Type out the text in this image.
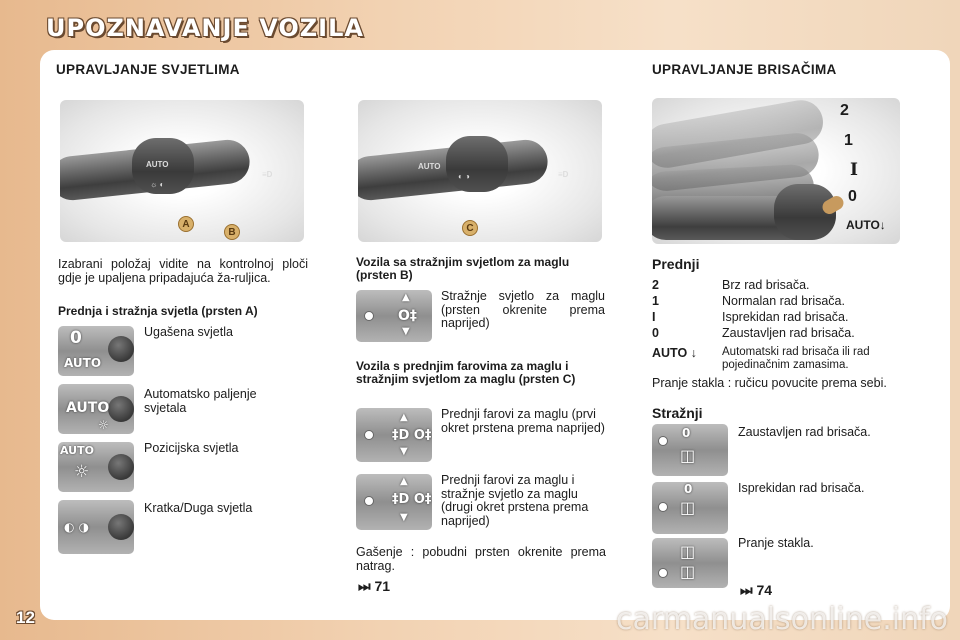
UPOZNAVANJE VOZILA
UPRAVLJANJE SVJETLIMA
AUTO
☼ ◐
≡D
A
B
AUTO
◐ ◑	≡D
C
Izabrani položaj vidite na kontrolnoj ploči gdje je upaljena pripadajuća ža-ruljica.
Prednja i stražnja svjetla (prsten A)
0
AUTO
Ugašena svjetla
AUTO
☼
Automatsko paljenje svjetala
AUTO
☼
Pozicijska svjetla
◐ ◑
Kratka/Duga svjetla
Vozila sa stražnjim svjetlom za maglu (prsten B)
▲
O‡
▼
Stražnje svjetlo za maglu (prsten okrenite prema naprijed)
Vozila s prednjim farovima za maglu i stražnjim svjetlom za maglu (prsten C)
▲
‡D O‡
▼
Prednji farovi za maglu (prvi okret prstena prema naprijed)
▲
‡D O‡
▼
Prednji farovi za maglu i stražnje svjetlo za maglu (drugi okret prstena prema naprijed)
Gašenje : pobudni prsten okrenite prema natrag.
⏭ 71
UPRAVLJANJE BRISAČIMA
2
1
I
0
AUTO↓
Prednji
2	Brz rad brisača.
1	Normalan rad brisača.
I	Isprekidan rad brisača.
0	Zaustavljen rad brisača.
AUTO ↓ Automatski rad brisača ili rad pojedinačnim zamasima.
Pranje stakla : ručicu povucite prema sebi.
Stražnji
0
◫
Zaustavljen rad brisača.
0
◫
Isprekidan rad brisača.
◫
◫
Pranje stakla.
⏭ 74
12	carmanualsonline.info
